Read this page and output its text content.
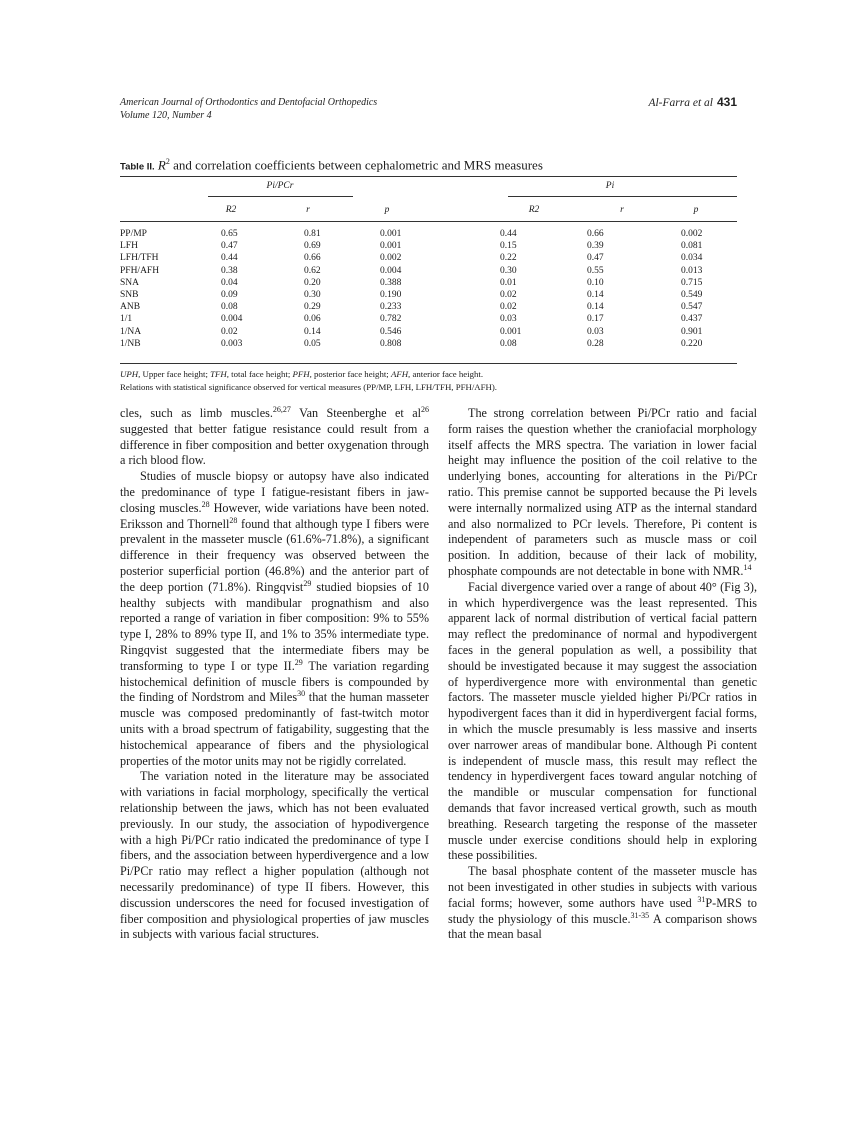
American Journal of Orthodontics and Dentofacial Orthopedics
Volume 120, Number 4
Al-Farra et al 431
Table II. $R^2$ and correlation coefficients between cephalometric and MRS measures
Pi/PCr	Pi
R2	r	p	R2	r	p
PP/MP	0.65	0.81	0.001	0.44	0.66	0.002
LFH	0.47	0.69	0.001	0.15	0.39	0.081
LFH/TFH	0.44	0.66	0.002	0.22	0.47	0.034
PFH/AFH	0.38	0.62	0.004	0.30	0.55	0.013
SNA	0.04	0.20	0.388	0.01	0.10	0.715
SNB	0.09	0.30	0.190	0.02	0.14	0.549
ANB	0.08	0.29	0.233	0.02	0.14	0.547
1/1	0.004	0.06	0.782	0.03	0.17	0.437
1/NA	0.02	0.14	0.546	0.001	0.03	0.901
1/NB	0.003	0.05	0.808	0.08	0.28	0.220
UPH, Upper face height; TFH, total face height; PFH, posterior face height; AFH, anterior face height.
Relations with statistical significance observed for vertical measures (PP/MP, LFH, LFH/TFH, PFH/AFH).

cles, such as limb muscles.$^{26,27}$ Van Steenberghe et $al^{26}$ suggested that better fatigue resistance could result from a difference in fiber composition and better oxygenation through a rich blood flow.

Studies of muscle biopsy or autopsy have also indicated the predominance of type I fatigue-resistant fibers in jaw-closing muscles.$^{28}$ However, wide variations have been noted. Eriksson and Thornell$^{28}$ found that although type I fibers were prevalent in the masseter muscle (61.6%-71.8%), a significant difference in their frequency was observed between the posterior superficial portion (46.8%) and the anterior part of the deep portion (71.8%). Ringqvist$^{29}$ studied biopsies of 10 healthy subjects with mandibular prognathism and also reported a range of variation in fiber composition: 9% to 55% type I, 28% to 89% type II, and 1% to 35% intermediate type. Ringqvist suggested that the intermediate fibers may be transforming to type I or type II.$^{29}$ The variation regarding histochemical definition of muscle fibers is compounded by the finding of Nordstrom and Miles$^{30}$ that the human masseter muscle was composed predominantly of fast-twitch motor units with a broad spectrum of fatigability, suggesting that the histochemical appearance of fibers and the physiological properties of the motor units may not be rigidly correlated.

The variation noted in the literature may be associated with variations in facial morphology, specifically the vertical relationship between the jaws, which has not been evaluated previously. In our study, the association of hypodivergence with a high Pi/PCr ratio indicated the predominance of type I fibers, and the association between hyperdivergence and a low Pi/PCr ratio may reflect a higher population (although not necessarily predominance) of type II fibers. However, this discussion underscores the need for focused investigation of fiber composition and physiological properties of jaw muscles in subjects with various facial structures.

The strong correlation between Pi/PCr ratio and facial form raises the question whether the craniofacial morphology itself affects the MRS spectra. The variation in lower facial height may influence the position of the coil relative to the underlying bones, accounting for alterations in the Pi/PCr ratio. This premise cannot be supported because the Pi levels were internally normalized using ATP as the internal standard and also normalized to PCr levels. Therefore, Pi content is independent of parameters such as muscle mass or coil position. In addition, because of their lack of mobility, phosphate compounds are not detectable in bone with NMR.$^{14}$

Facial divergence varied over a range of about 40° (Fig 3), in which hyperdivergence was the least represented. This apparent lack of normal distribution of vertical facial pattern may reflect the predominance of normal and hypodivergent faces in the general population as well, a possibility that should be investigated because it may suggest the association of hyperdivergence more with environmental than genetic factors. The masseter muscle yielded higher Pi/PCr ratios in hypodivergent faces than it did in hyperdivergent facial forms, in which the muscle presumably is less massive and inserts over narrower areas of mandibular bone. Although Pi content is independent of muscle mass, this result may reflect the tendency in hyperdivergent faces toward angular notching of the mandible or muscular compensation for functional demands that favor increased vertical growth, such as mouth breathing. Research targeting the response of the masseter muscle under exercise conditions should help in exploring these possibilities.

The basal phosphate content of the masseter muscle has not been investigated in other studies in subjects with various facial forms; however, some authors have used $^{31}$P-MRS to study the physiology of this muscle.$^{31-35}$ A comparison shows that the mean basal
